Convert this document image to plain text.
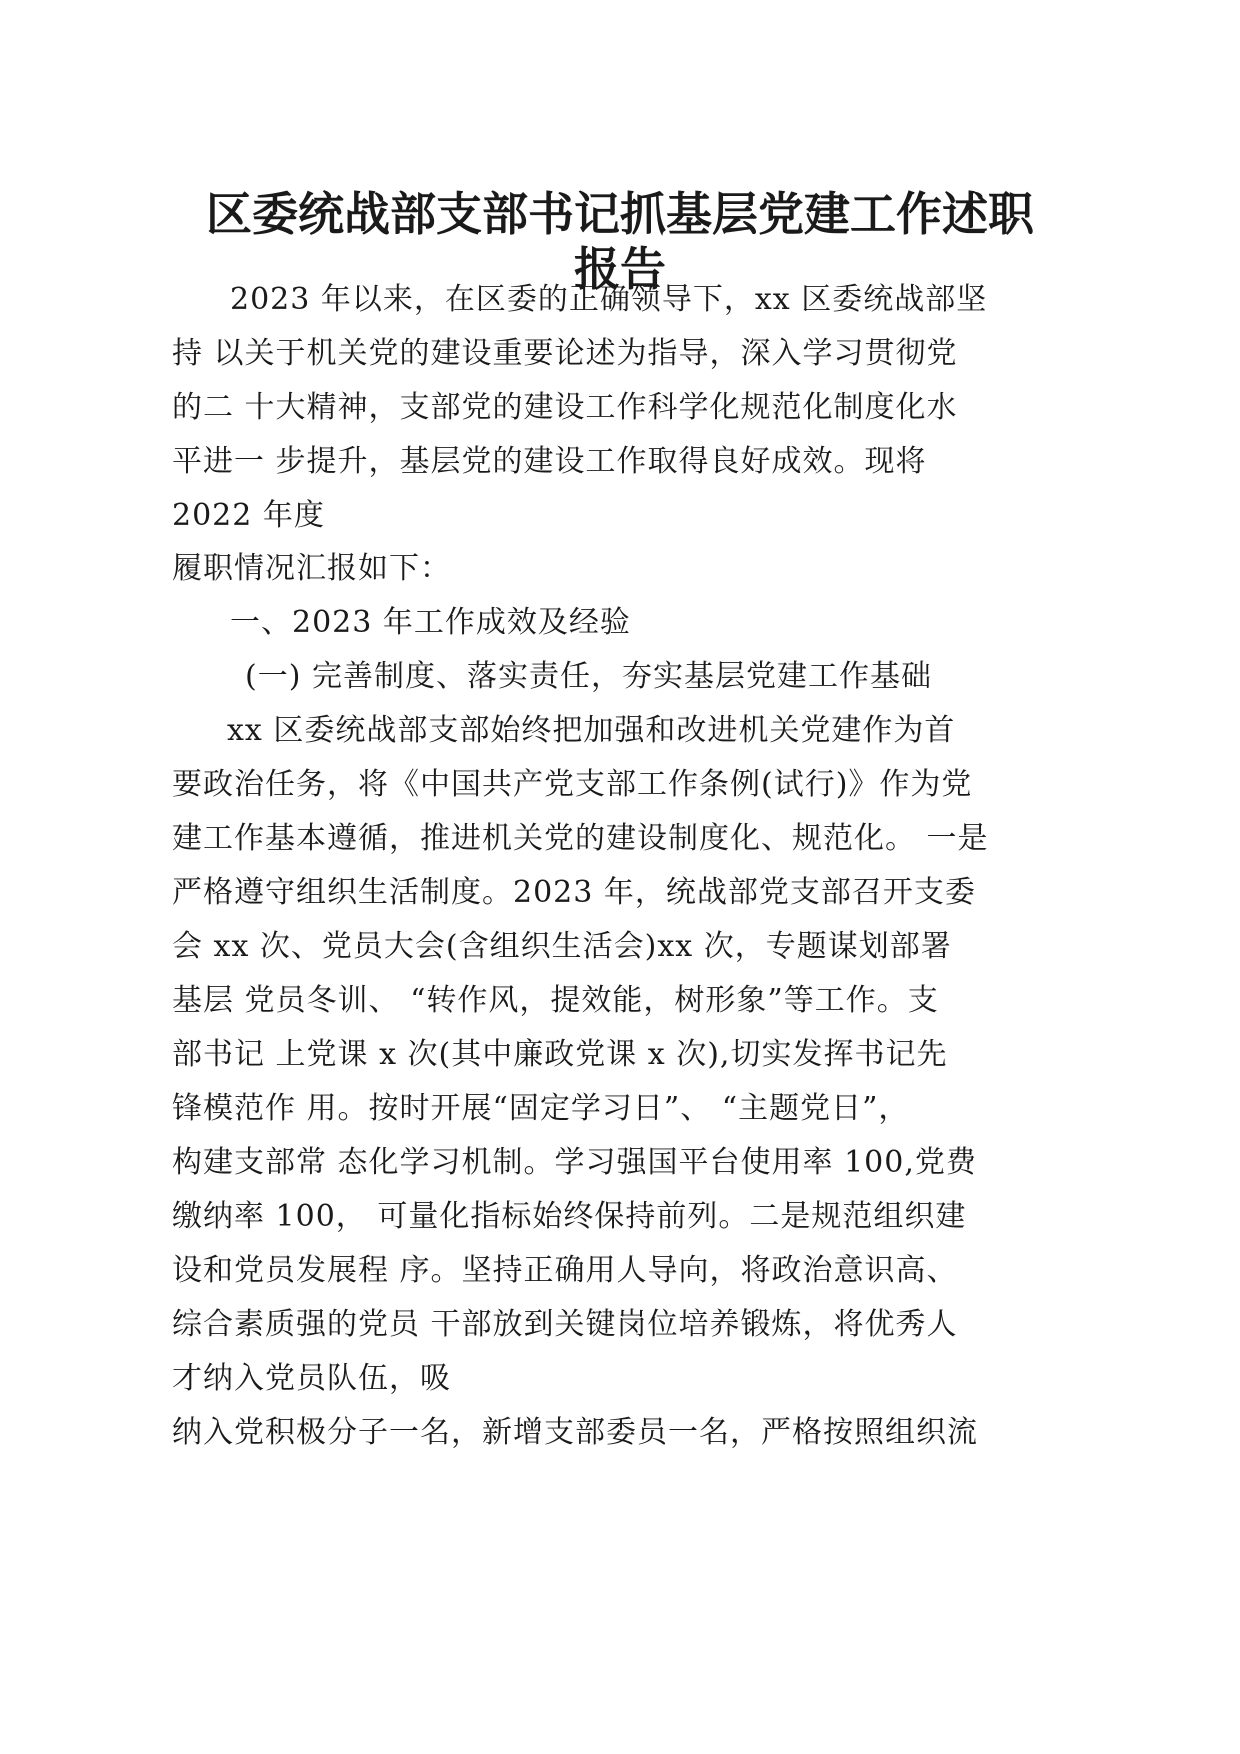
区委统战部支部书记抓基层党建工作述职
报告

2023 年以来，在区委的正确领导下，xx 区委统战部坚

持 以关于机关党的建设重要论述为指导，深入学习贯彻党

的二 十大精神，支部党的建设工作科学化规范化制度化水

平进一 步提升，基层党的建设工作取得良好成效。现将

2022 年度

履职情况汇报如下：

一、2023 年工作成效及经验

(一) 完善制度、落实责任，夯实基层党建工作基础

xx 区委统战部支部始终把加强和改进机关党建作为首

要政治任务，将《中国共产党支部工作条例(试行)》作为党

建工作基本遵循，推进机关党的建设制度化、规范化。 一是

严格遵守组织生活制度。2023 年，统战部党支部召开支委

会 xx 次、党员大会(含组织生活会)xx 次，专题谋划部署

基层 党员冬训、 “转作风，提效能，树形象”等工作。支

部书记 上党课 x 次(其中廉政党课 x 次),切实发挥书记先

锋模范作 用。按时开展“固定学习日”、 “主题党日”，

构建支部常 态化学习机制。学习强国平台使用率 100,党费

缴纳率 100， 可量化指标始终保持前列。二是规范组织建

设和党员发展程 序。坚持正确用人导向，将政治意识高、

综合素质强的党员 干部放到关键岗位培养锻炼，将优秀人

才纳入党员队伍，吸

纳入党积极分子一名，新增支部委员一名，严格按照组织流
